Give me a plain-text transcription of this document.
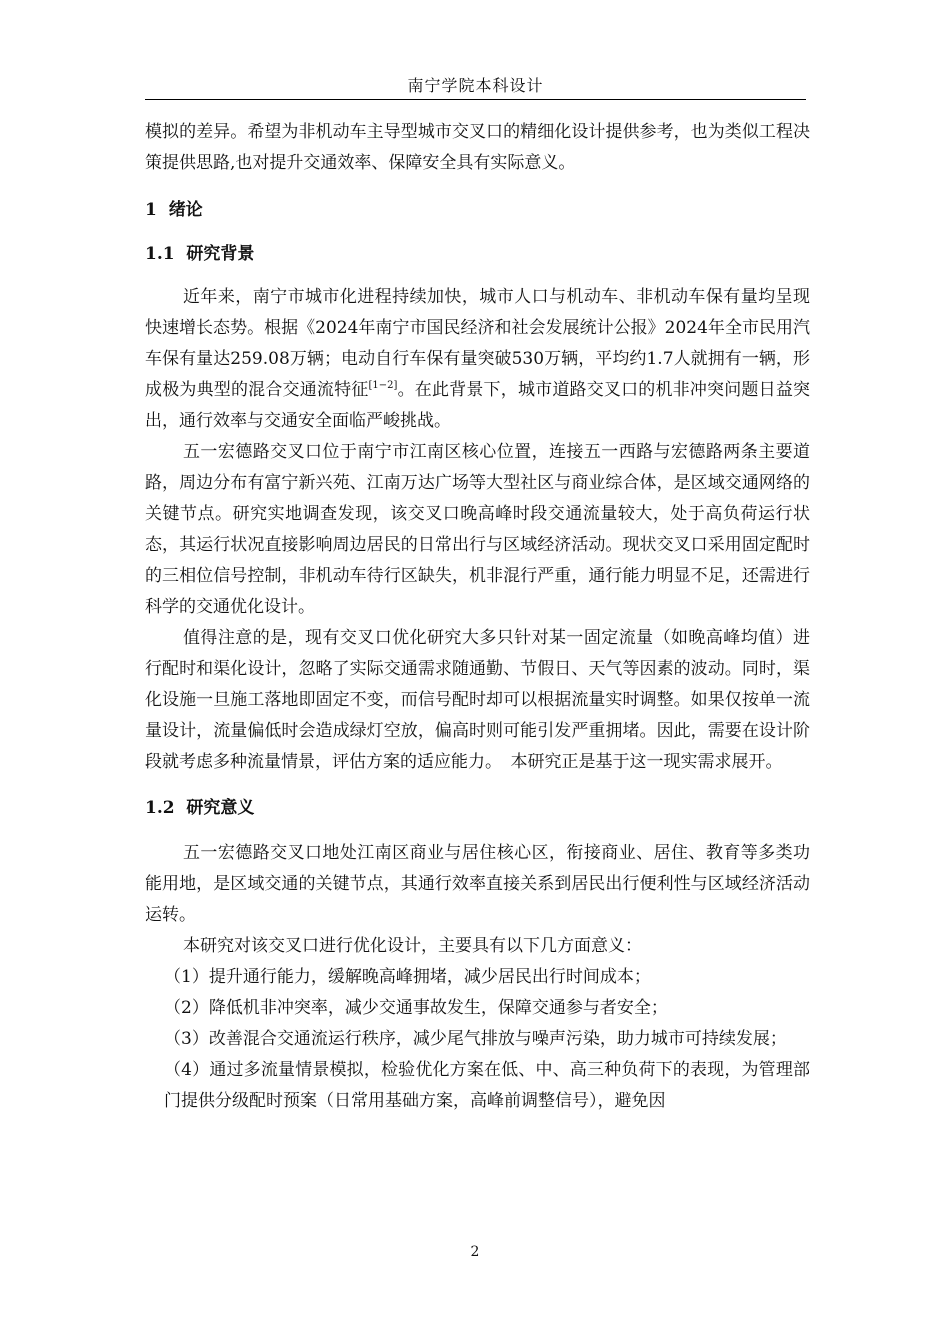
南宁学院本科设计

模拟的差异。希望为非机动车主导型城市交叉口的精细化设计提供参考，也为类似工程决策提供思路,也对提升交通效率、保障安全具有实际意义。

1 绪论
1.1 研究背景

近年来，南宁市城市化进程持续加快，城市人口与机动车、非机动车保有量均呈现快速增长态势。根据《2024年南宁市国民经济和社会发展统计公报》2024年全市民用汽车保有量达259.08万辆；电动自行车保有量突破530万辆，平均约1.7人就拥有一辆，形成极为典型的混合交通流特征[1−2]。在此背景下，城市道路交叉口的机非冲突问题日益突出，通行效率与交通安全面临严峻挑战。

五一宏德路交叉口位于南宁市江南区核心位置，连接五一西路与宏德路两条主要道路，周边分布有富宁新兴苑、江南万达广场等大型社区与商业综合体，是区域交通网络的关键节点。研究实地调查发现，该交叉口晚高峰时段交通流量较大，处于高负荷运行状态，其运行状况直接影响周边居民的日常出行与区域经济活动。现状交叉口采用固定配时的三相位信号控制，非机动车待行区缺失，机非混行严重，通行能力明显不足，还需进行科学的交通优化设计。

值得注意的是，现有交叉口优化研究大多只针对某一固定流量（如晚高峰均值）进行配时和渠化设计，忽略了实际交通需求随通勤、节假日、天气等因素的波动。同时，渠化设施一旦施工落地即固定不变，而信号配时却可以根据流量实时调整。如果仅按单一流量设计，流量偏低时会造成绿灯空放，偏高时则可能引发严重拥堵。因此，需要在设计阶段就考虑多种流量情景，评估方案的适应能力。　本研究正是基于这一现实需求展开。

1.2 研究意义

五一宏德路交叉口地处江南区商业与居住核心区，衔接商业、居住、教育等多类功能用地，是区域交通的关键节点，其通行效率直接关系到居民出行便利性与区域经济活动运转。

本研究对该交叉口进行优化设计，主要具有以下几方面意义：

（1）提升通行能力，缓解晚高峰拥堵，减少居民出行时间成本；

（2）降低机非冲突率，减少交通事故发生，保障交通参与者安全；

（3）改善混合交通流运行秩序，减少尾气排放与噪声污染，助力城市可持续发展；

（4）通过多流量情景模拟，检验优化方案在低、中、高三种负荷下的表现，为管理部门提供分级配时预案（日常用基础方案，高峰前调整信号），避免因

2
